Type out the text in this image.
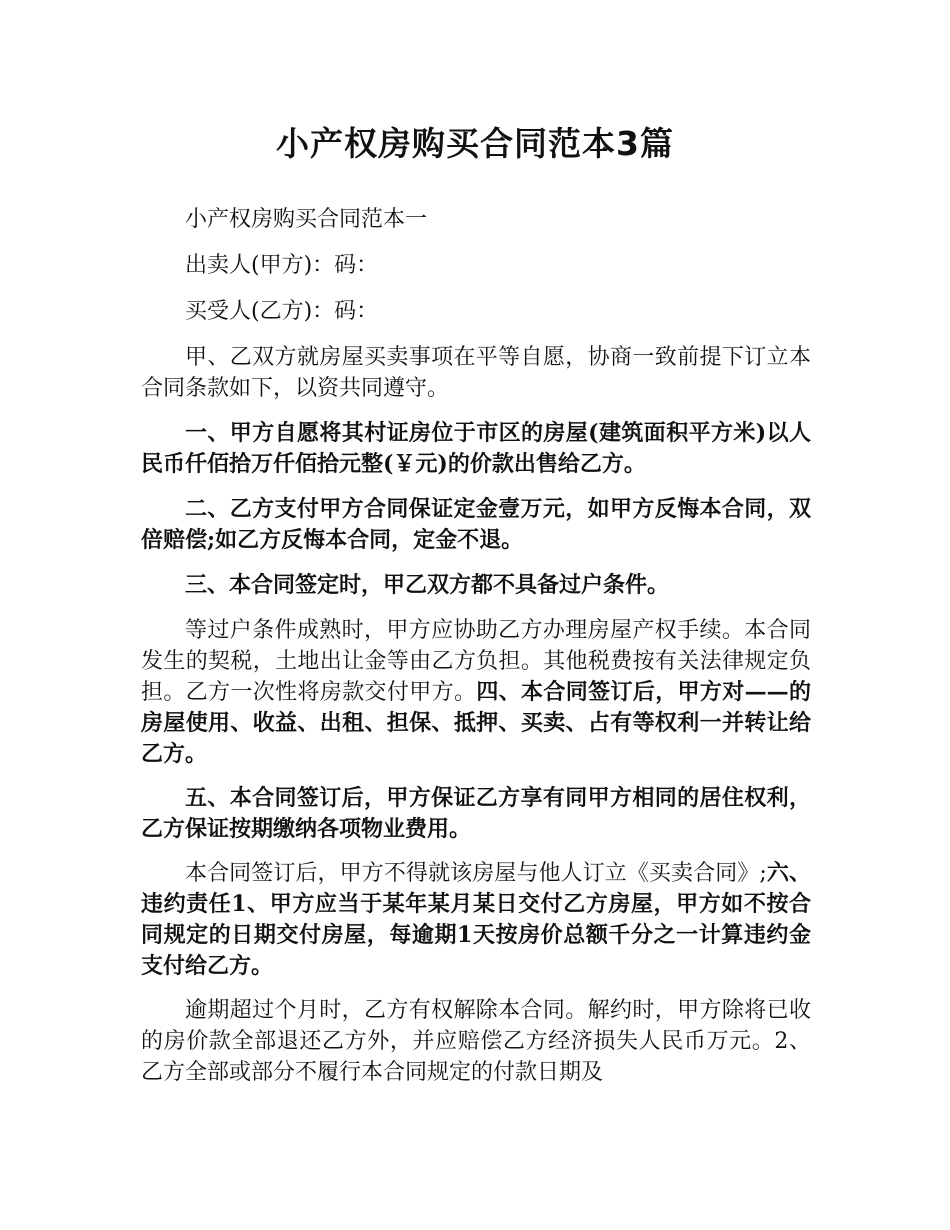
小产权房购买合同范本3篇

小产权房购买合同范本一

出卖人(甲方)：码：

买受人(乙方)：码：

甲、乙双方就房屋买卖事项在平等自愿，协商一致前提下订立本合同条款如下，以资共同遵守。

一、甲方自愿将其村证房位于市区的房屋(建筑面积平方米)以人民币仟佰拾万仟佰拾元整(￥元)的价款出售给乙方。

二、乙方支付甲方合同保证定金壹万元，如甲方反悔本合同，双倍赔偿;如乙方反悔本合同，定金不退。

三、本合同签定时，甲乙双方都不具备过户条件。

等过户条件成熟时，甲方应协助乙方办理房屋产权手续。本合同发生的契税，土地出让金等由乙方负担。其他税费按有关法律规定负担。乙方一次性将房款交付甲方。四、本合同签订后，甲方对——的房屋使用、收益、出租、担保、抵押、买卖、占有等权利一并转让给乙方。

五、本合同签订后，甲方保证乙方享有同甲方相同的居住权利，乙方保证按期缴纳各项物业费用。

本合同签订后，甲方不得就该房屋与他人订立《买卖合同》;六、违约责任1、甲方应当于某年某月某日交付乙方房屋，甲方如不按合同规定的日期交付房屋，每逾期1天按房价总额千分之一计算违约金支付给乙方。

逾期超过个月时，乙方有权解除本合同。解约时，甲方除将已收的房价款全部退还乙方外，并应赔偿乙方经济损失人民币万元。2、乙方全部或部分不履行本合同规定的付款日期及
